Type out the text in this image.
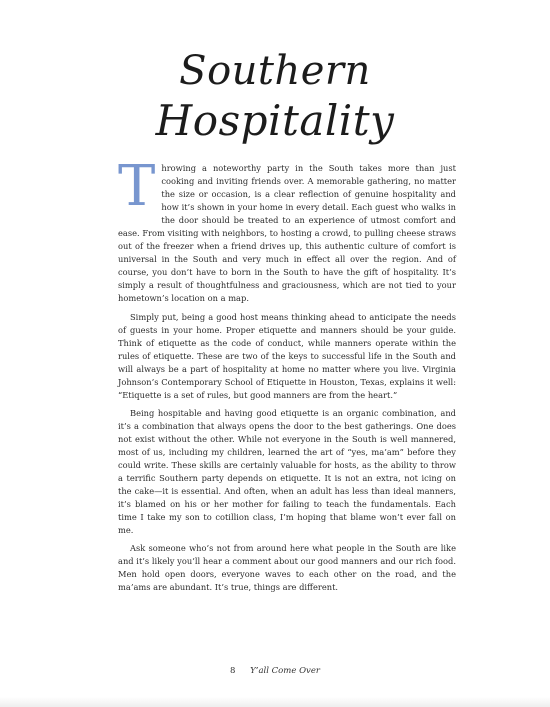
Southern
Hospitality

Throwing a noteworthy party in the South takes more than just cooking and inviting friends over. A memorable gathering, no matter the size or occasion, is a clear reflection of genuine hospitality and how it’s shown in your home in every detail. Each guest who walks in the door should be treated to an experience of utmost comfort and ease. From visiting with neighbors, to hosting a crowd, to pulling cheese straws out of the freezer when a friend drives up, this authentic culture of comfort is universal in the South and very much in effect all over the region. And of course, you don’t have to born in the South to have the gift of hospitality. It’s simply a result of thoughtfulness and graciousness, which are not tied to your hometown’s location on a map.

Simply put, being a good host means thinking ahead to anticipate the needs of guests in your home. Proper etiquette and manners should be your guide. Think of etiquette as the code of conduct, while manners operate within the rules of etiquette. These are two of the keys to successful life in the South and will always be a part of hospitality at home no matter where you live. Virginia Johnson’s Contemporary School of Etiquette in Houston, Texas, explains it well: “Etiquette is a set of rules, but good manners are from the heart.”

Being hospitable and having good etiquette is an organic combination, and it’s a combination that always opens the door to the best gatherings. One does not exist without the other. While not everyone in the South is well mannered, most of us, including my children, learned the art of “yes, ma’am” before they could write. These skills are certainly valuable for hosts, as the ability to throw a terrific Southern party depends on etiquette. It is not an extra, not icing on the cake—it is essential. And often, when an adult has less than ideal manners, it’s blamed on his or her mother for failing to teach the fundamentals. Each time I take my son to cotillion class, I’m hoping that blame won’t ever fall on me.

Ask someone who’s not from around here what people in the South are like and it’s likely you’ll hear a comment about our good manners and our rich food. Men hold open doors, everyone waves to each other on the road, and the ma’ams are abundant. It’s true, things are different.

8 Y’all Come Over
